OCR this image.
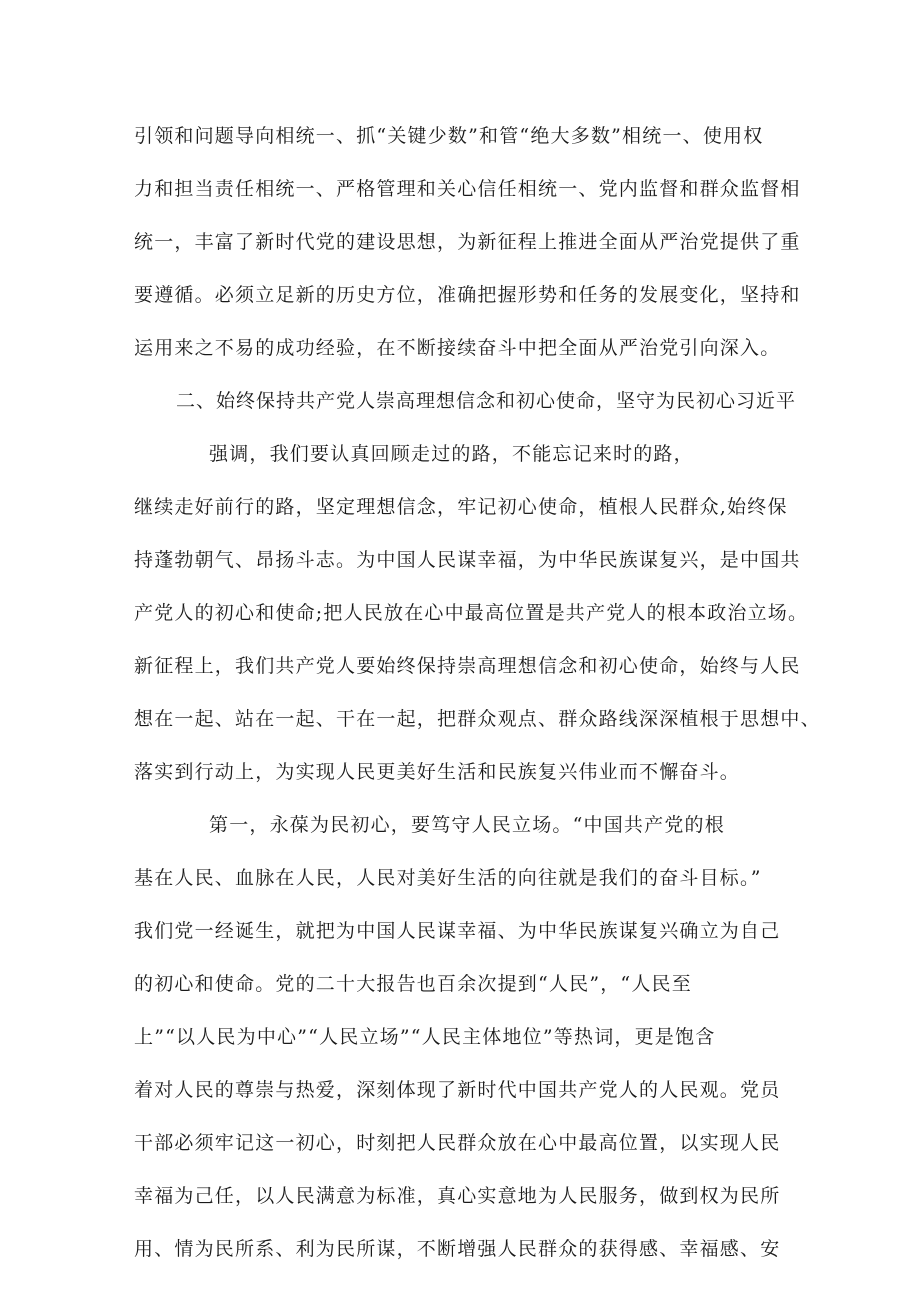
引领和问题导向相统一、抓“关键少数”和管“绝大多数”相统一、使用权
力和担当责任相统一、严格管理和关心信任相统一、党内监督和群众监督相
统一，丰富了新时代党的建设思想，为新征程上推进全面从严治党提供了重
要遵循。必须立足新的历史方位，准确把握形势和任务的发展变化，坚持和
运用来之不易的成功经验，在不断接续奋斗中把全面从严治党引向深入。
二、始终保持共产党人崇高理想信念和初心使命，坚守为民初心习近平
强调，我们要认真回顾走过的路，不能忘记来时的路，
继续走好前行的路，坚定理想信念，牢记初心使命，植根人民群众,始终保
持蓬勃朝气、昂扬斗志。为中国人民谋幸福，为中华民族谋复兴，是中国共
产党人的初心和使命;把人民放在心中最高位置是共产党人的根本政治立场。
新征程上，我们共产党人要始终保持崇高理想信念和初心使命，始终与人民
想在一起、站在一起、干在一起，把群众观点、群众路线深深植根于思想中、
落实到行动上，为实现人民更美好生活和民族复兴伟业而不懈奋斗。
第一，永葆为民初心，要笃守人民立场。“中国共产党的根
基在人民、血脉在人民，人民对美好生活的向往就是我们的奋斗目标。”
我们党一经诞生，就把为中国人民谋幸福、为中华民族谋复兴确立为自己
的初心和使命。党的二十大报告也百余次提到“人民”，“人民至
上”“以人民为中心”“人民立场”“人民主体地位”等热词，更是饱含
着对人民的尊崇与热爱，深刻体现了新时代中国共产党人的人民观。党员
干部必须牢记这一初心，时刻把人民群众放在心中最高位置，以实现人民
幸福为己任，以人民满意为标准，真心实意地为人民服务，做到权为民所
用、情为民所系、利为民所谋，不断增强人民群众的获得感、幸福感、安
